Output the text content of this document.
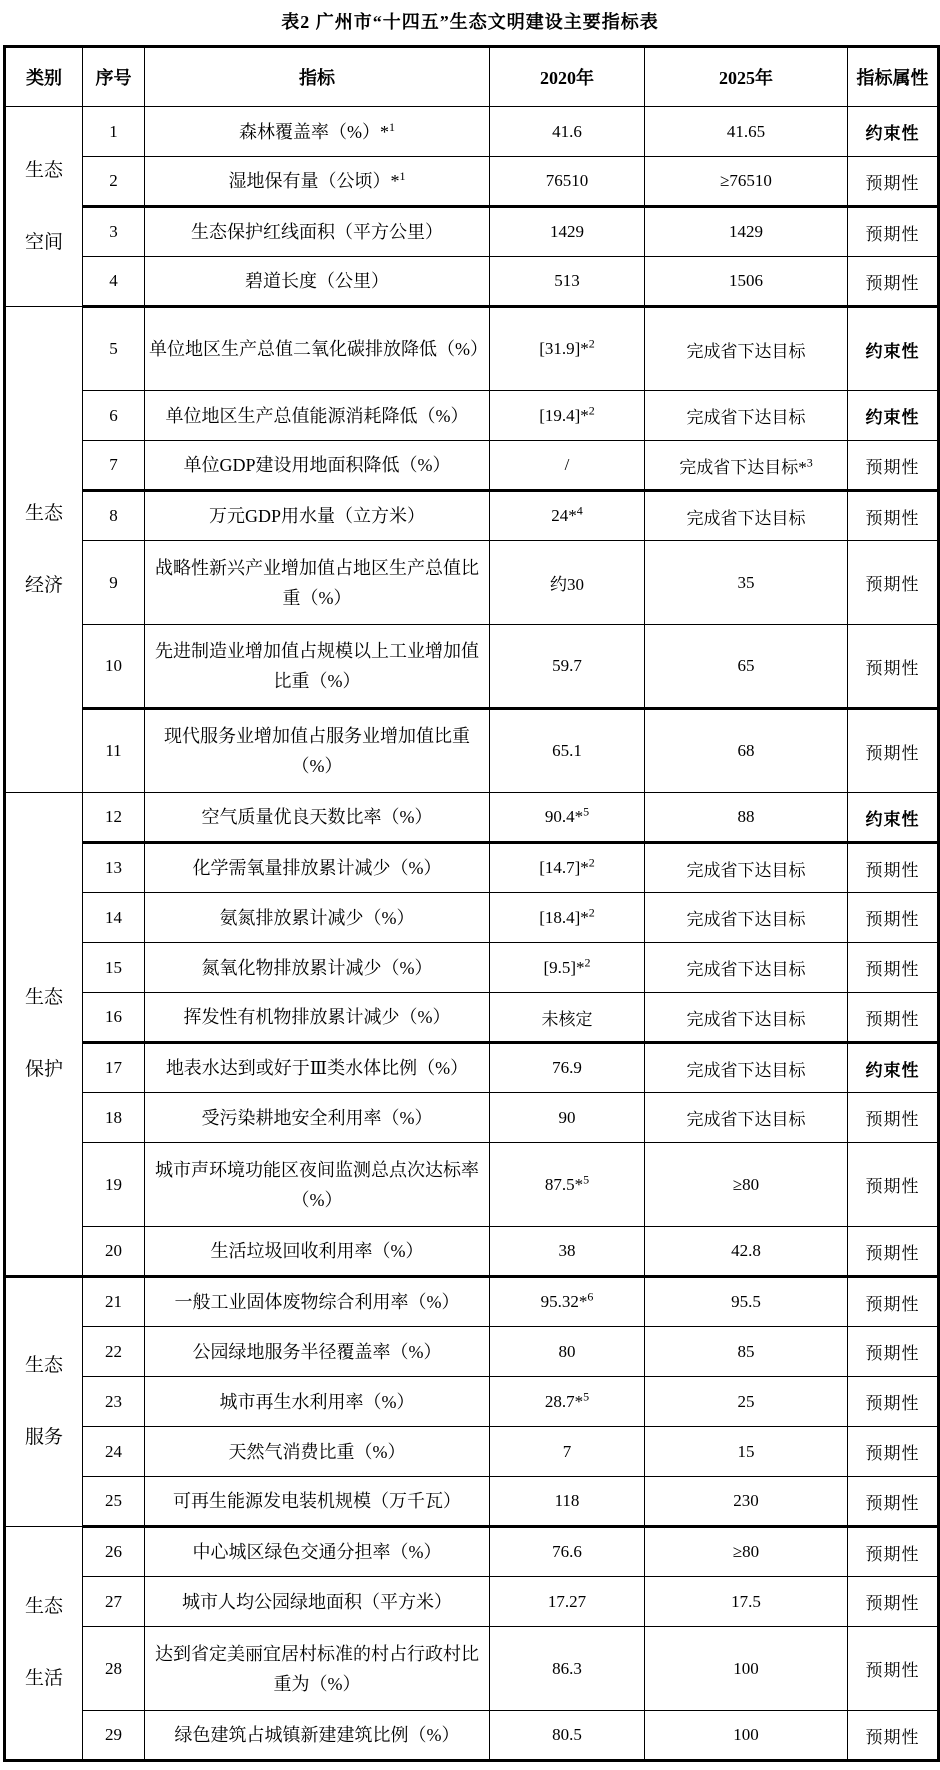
表2 广州市“十四五”生态文明建设主要指标表
类别	序号	指标	2020年	2025年	指标属性
生态空间	1	森林覆盖率（%）*$^1$	41.6	41.65	约束性
	2	湿地保有量（公顷）*$^1$	76510	≥76510	预期性
	3	生态保护红线面积（平方公里）	1429	1429	预期性
	4	碧道长度（公里）	513	1506	预期性
生态经济	5	单位地区生产总值二氧化碳排放降低（%）	[31.9]*$^2$	完成省下达目标	约束性
	6	单位地区生产总值能源消耗降低（%）	[19.4]*$^2$	完成省下达目标	约束性
	7	单位GDP建设用地面积降低（%）	/	完成省下达目标*$^3$	预期性
	8	万元GDP用水量（立方米）	24*$^4$	完成省下达目标	预期性
	9	战略性新兴产业增加值占地区生产总值比重（%）	约30	35	预期性
	10	先进制造业增加值占规模以上工业增加值比重（%）	59.7	65	预期性
	11	现代服务业增加值占服务业增加值比重（%）	65.1	68	预期性
生态保护	12	空气质量优良天数比率（%）	90.4*$^5$	88	约束性
	13	化学需氧量排放累计减少（%）	[14.7]*$^2$	完成省下达目标	预期性
	14	氨氮排放累计减少（%）	[18.4]*$^2$	完成省下达目标	预期性
	15	氮氧化物排放累计减少（%）	[9.5]*$^2$	完成省下达目标	预期性
	16	挥发性有机物排放累计减少（%）	未核定	完成省下达目标	预期性
	17	地表水达到或好于Ⅲ类水体比例（%）	76.9	完成省下达目标	约束性
	18	受污染耕地安全利用率（%）	90	完成省下达目标	预期性
	19	城市声环境功能区夜间监测总点次达标率（%）	87.5*$^5$	≥80	预期性
	20	生活垃圾回收利用率（%）	38	42.8	预期性
生态服务	21	一般工业固体废物综合利用率（%）	95.32*$^6$	95.5	预期性
	22	公园绿地服务半径覆盖率（%）	80	85	预期性
	23	城市再生水利用率（%）	28.7*$^5$	25	预期性
	24	天然气消费比重（%）	7	15	预期性
	25	可再生能源发电装机规模（万千瓦）	118	230	预期性
生态生活	26	中心城区绿色交通分担率（%）	76.6	≥80	预期性
	27	城市人均公园绿地面积（平方米）	17.27	17.5	预期性
	28	达到省定美丽宜居村标准的村占行政村比重为（%）	86.3	100	预期性
	29	绿色建筑占城镇新建建筑比例（%）	80.5	100	预期性
